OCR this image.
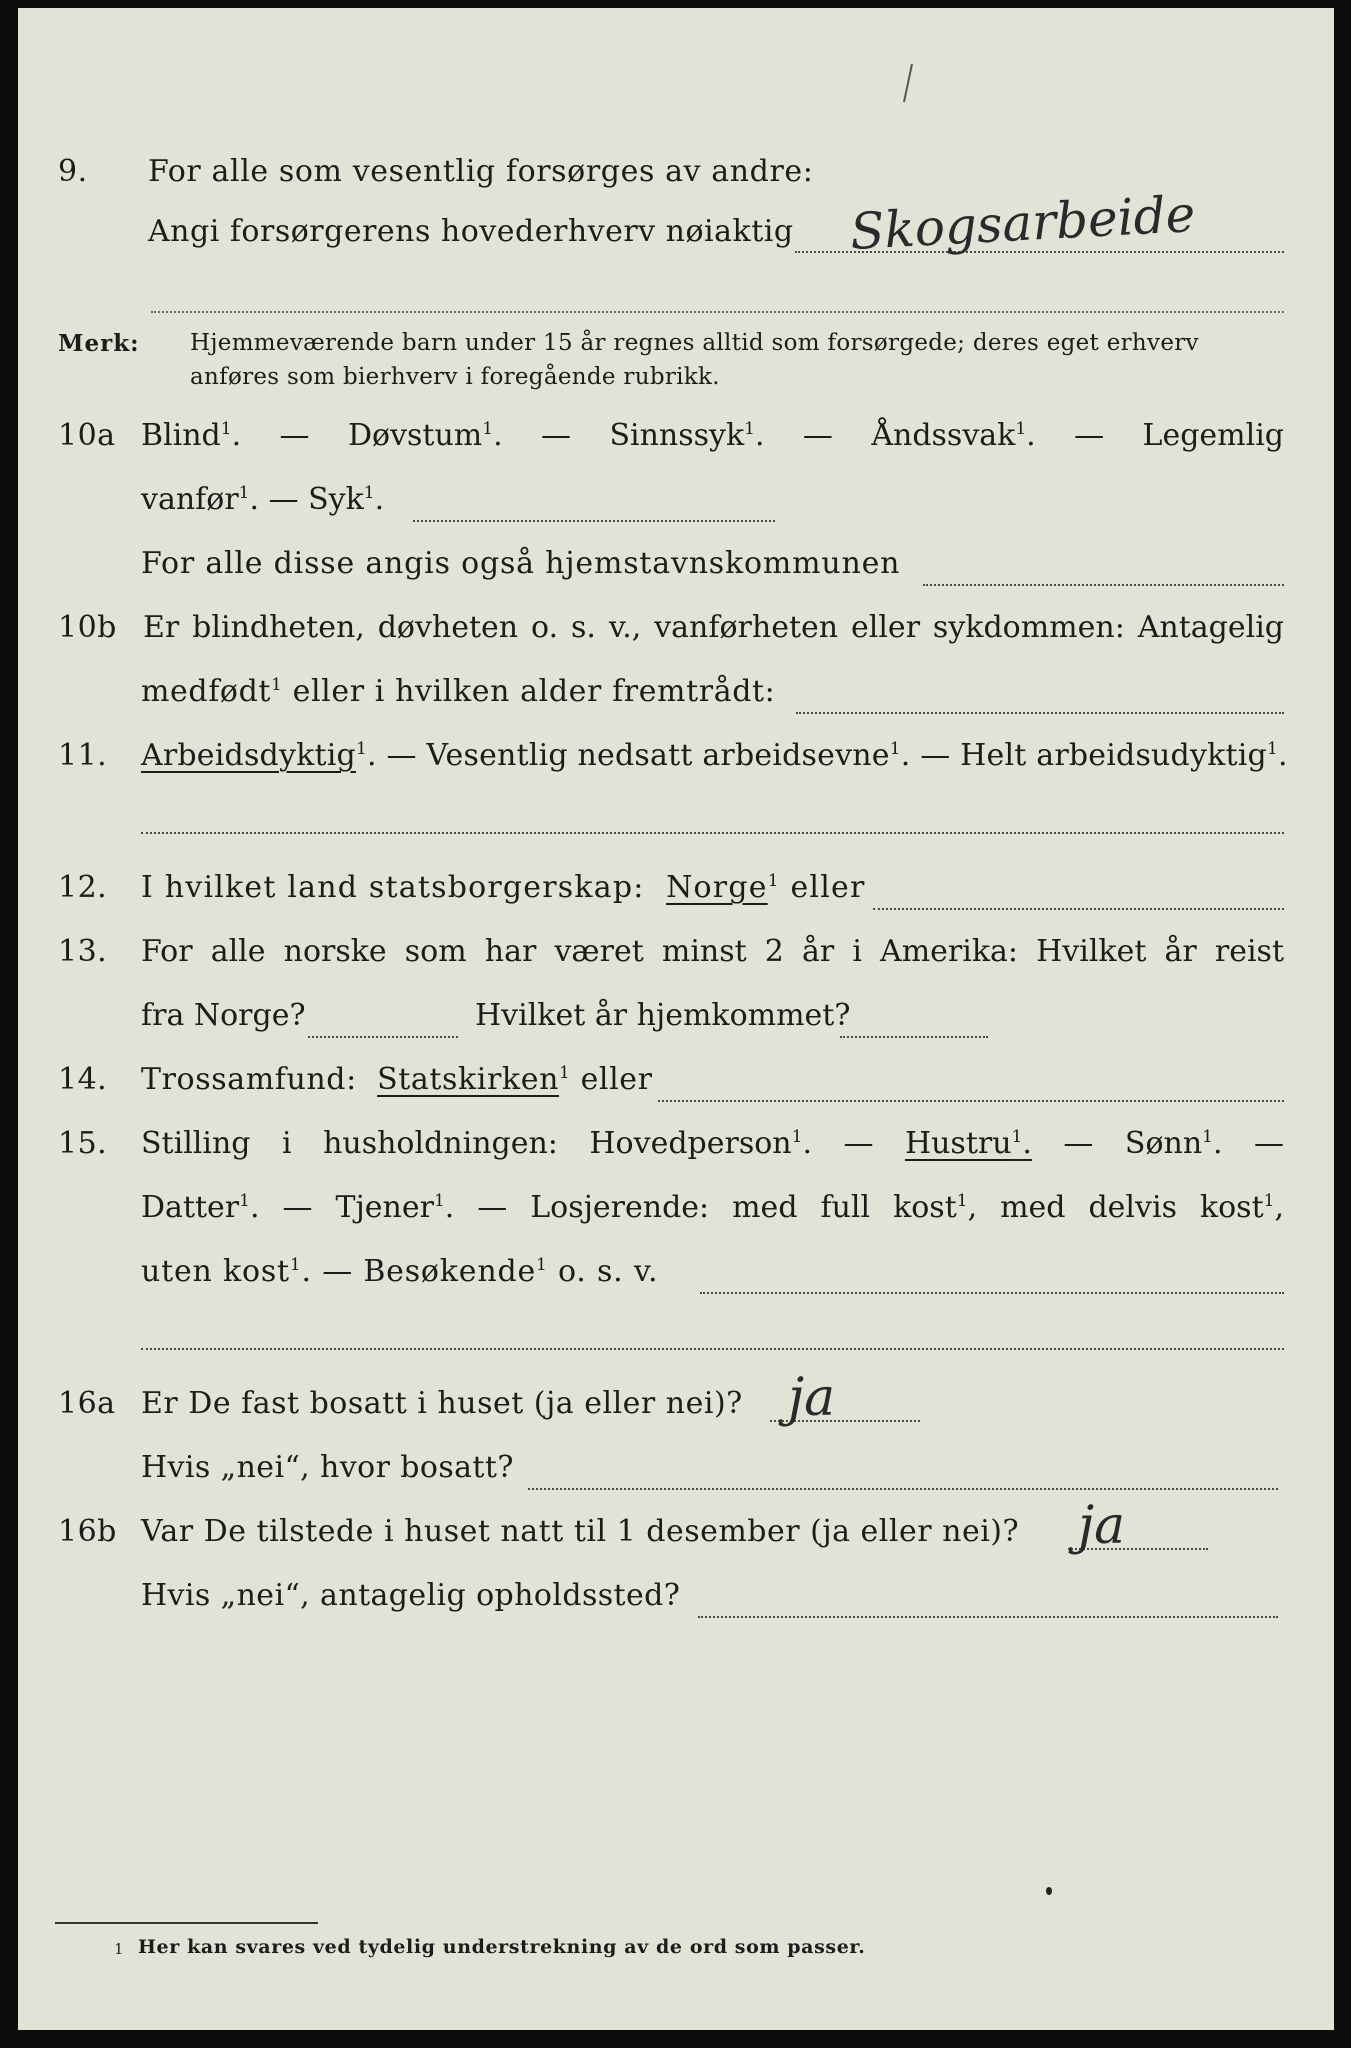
9. For alle som vesentlig forsørges av andre:
Angi forsørgerens hovederhverv nøiaktig Skogsarbeide
Merk: Hjemmeværende barn under 15 år regnes alltid som forsørgede; deres eget erhverv
anføres som bierhverv i foregående rubrikk.
10a Blind$^1$. — Døvstum$^1$. — Sinnssyk$^1$. — Åndssvak$^1$. — Legemlig
vanfør$^1$. — Syk$^1$.
For alle disse angis også hjemstavnskommunen
10b Er blindheten, døvheten o. s. v., vanførheten eller sykdommen: Antagelig
medfødt$^1$ eller i hvilken alder fremtrådt:
11. Arbeidsdyktig$^1$. — Vesentlig nedsatt arbeidsevne$^1$. — Helt arbeidsudyktig$^1$.
12. I hvilket land statsborgerskap: Norge$^1$ eller
13. For alle norske som har været minst 2 år i Amerika: Hvilket år reist
fra Norge?	Hvilket år hjemkommet?
14. Trossamfund: Statskirken$^1$ eller
15. Stilling i husholdningen: Hovedperson$^1$. — Hustru$^1$. — Sønn$^1$. —
Datter$^1$. — Tjener$^1$. — Losjerende: med full kost$^1$, med delvis kost$^1$,
uten kost$^1$. — Besøkende$^1$ o. s. v.
16a Er De fast bosatt i huset (ja eller nei)? ja
Hvis „nei“, hvor bosatt?
16b Var De tilstede i huset natt til 1 desember (ja eller nei)? ja
Hvis „nei“, antagelig opholdssted?
1 Her kan svares ved tydelig understrekning av de ord som passer.
